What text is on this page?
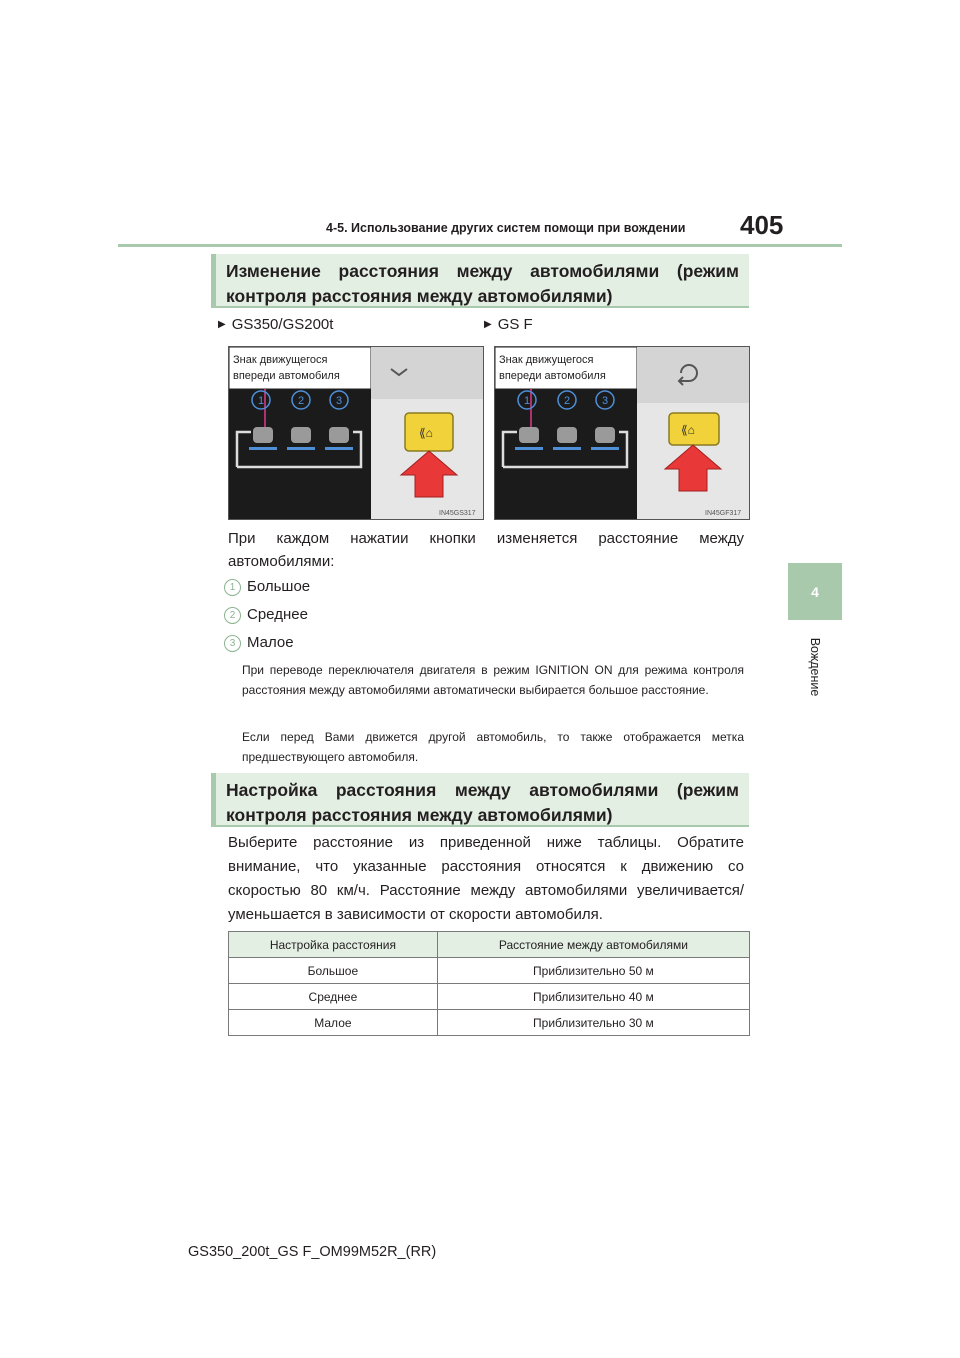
4-5. Использование других систем помощи при вождении 405
4
Вождение
Изменение расстояния между автомобилями (режим контроля расстояния между автомобилями)
▶ GS350/GS200t	▶ GS F
Знак движущегося
впереди автомобиля
1	2	3
⟪⌂
IN45GS317
Знак движущегося
впереди автомобиля
1	2	3
⟪⌂
IN45GF317
При каждом нажатии кнопки изменяется расстояние между автомобилями:
1 Большое
2 Среднее
3 Малое
При переводе переключателя двигателя в режим IGNITION ON для режима контроля расстояния между автомобилями автоматически выбирается большое расстояние.
Если перед Вами движется другой автомобиль, то также отображается метка предшествующего автомобиля.
Настройка расстояния между автомобилями (режим контроля расстояния между автомобилями)
Выберите расстояние из приведенной ниже таблицы. Обратите внимание, что указанные расстояния относятся к движению со скоростью 80 км/ч. Расстояние между автомобилями увеличивается/уменьшается в зависимости от скорости автомобиля.
Настройка расстояния	Расстояние между автомобилями
Большое	Приблизительно 50 м
Среднее	Приблизительно 40 м
Малое	Приблизительно 30 м
GS350_200t_GS F_OM99M52R_(RR)
